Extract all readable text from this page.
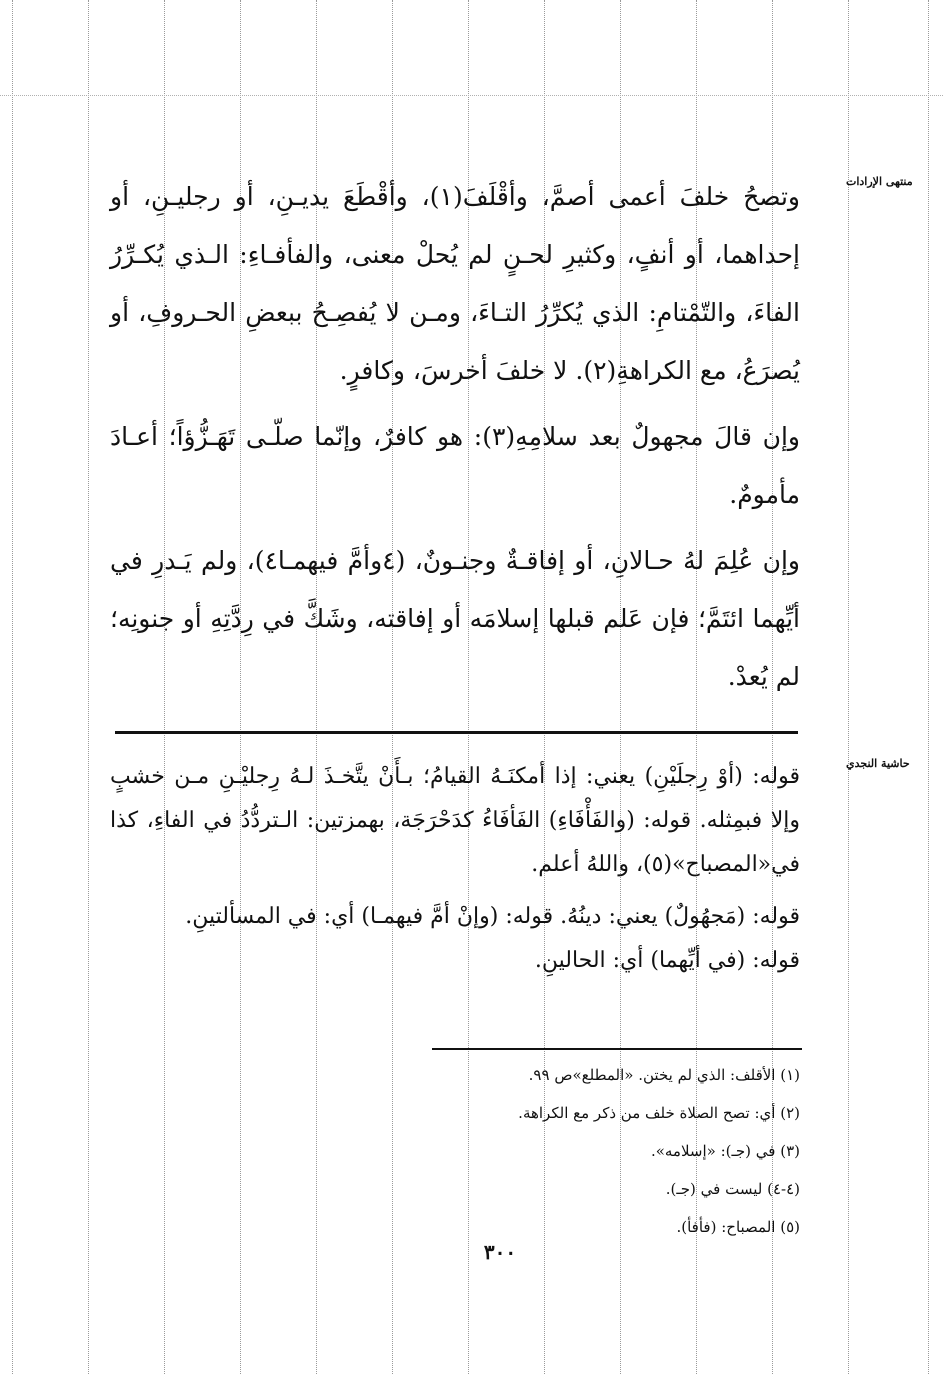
منتهى الإرادات
حاشية النجدي

وتصحُ خلفَ أعمى أصمَّ، وأقْلَفَ(١)، وأقْطَعَ يديـنِ، أو رجليـنِ، أو إحداهما، أو أنفٍ، وكثيرِ لحـنٍ لم يُحلْ معنى، والفأفـاءِ: الـذي يُكـرِّرُ الفاءَ، والتّمْتامِ: الذي يُكرِّرُ التـاءَ، ومـن لا يُفصِـحُ ببعضِ الحـروفِ، أو يُصرَعُ، مع الكراهةِ(٢). لا خلفَ أخرسَ، وكافرٍ.

وإن قالَ مجهولٌ بعد سلامِهِ(٣): هو كافرٌ، وإنّما صلّـى تَهَـزُّؤاً؛ أعـادَ مأمومٌ.

وإن عُلِمَ لهُ حـالانِ، أو إفاقـةٌ وجنـونٌ، (٤وأمَّ فيهمـا٤)، ولم يَـدرِ في أيِّهما ائتَمَّ؛ فإن عَلم قبلها إسلامَه أو إفاقته، وشَكَّ في رِدَّتِهِ أو جنونِه؛ لم يُعدْ.

قوله: (أوْ رِجلَيْنِ) يعني: إذا أمكنَـهُ القيامُ؛ بـأَنْ يتَّخـذَ لـهُ رِجليْـنِ مـن خشبٍ وإلا فبمِثله. قوله: (والفَأْفَاءِ) الفَأفَاءُ كدَحْرَجَة، بهمزتين: الـتردُّدُ في الفاءِ، كذا في«المصباح»(٥)، واللهُ أعلم.

قوله: (مَجهُولٌ) يعني: دينُهُ. قوله: (وإنْ أمَّ فيهمـا) أي: في المسألتينِ.

قوله: (في أيِّهما) أي: الحالينِ.

(١) الأقلف: الذي لم يختن. «المطلع»ص ٩٩.
(٢) أي: تصح الصلاة خلف من ذكر مع الكراهة.
(٣) في (جـ): «إسلامه».
(٤-٤) ليست في (جـ).
(٥) المصباح: (فأفأ).
٣٠٠
